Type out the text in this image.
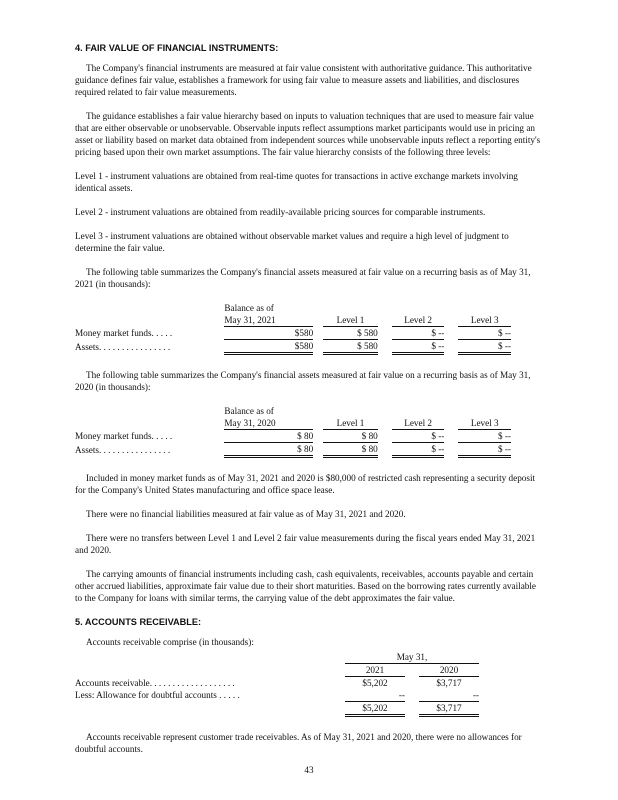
4. FAIR VALUE OF FINANCIAL INSTRUMENTS:

The Company's financial instruments are measured at fair value consistent with authoritative guidance. This authoritative guidance defines fair value, establishes a framework for using fair value to measure assets and liabilities, and disclosures required related to fair value measurements.

The guidance establishes a fair value hierarchy based on inputs to valuation techniques that are used to measure fair value that are either observable or unobservable. Observable inputs reflect assumptions market participants would use in pricing an asset or liability based on market data obtained from independent sources while unobservable inputs reflect a reporting entity's pricing based upon their own market assumptions. The fair value hierarchy consists of the following three levels:

Level 1 - instrument valuations are obtained from real-time quotes for transactions in active exchange markets involving identical assets.

Level 2 - instrument valuations are obtained from readily-available pricing sources for comparable instruments.

Level 3 - instrument valuations are obtained without observable market values and require a high level of judgment to determine the fair value.

The following table summarizes the Company's financial assets measured at fair value on a recurring basis as of May 31, 2021 (in thousands):

	Balance as of						
	May 31, 2021		Level 1		Level 2		Level 3
Money market funds. . . . .	$580		$ 580		$ --		$ --
Assets. . . . . . . . . . . . . . . .	$580		$ 580		$ --		$ --

The following table summarizes the Company's financial assets measured at fair value on a recurring basis as of May 31, 2020 (in thousands):

	Balance as of						
	May 31, 2020		Level 1		Level 2		Level 3
Money market funds. . . . .	$ 80		$ 80		$ --		$ --
Assets. . . . . . . . . . . . . . . .	$ 80		$ 80		$ --		$ --

Included in money market funds as of May 31, 2021 and 2020 is $80,000 of restricted cash representing a security deposit for the Company's United States manufacturing and office space lease.

There were no financial liabilities measured at fair value as of May 31, 2021 and 2020.

There were no transfers between Level 1 and Level 2 fair value measurements during the fiscal years ended May 31, 2021 and 2020.

The carrying amounts of financial instruments including cash, cash equivalents, receivables, accounts payable and certain other accrued liabilities, approximate fair value due to their short maturities. Based on the borrowing rates currently available to the Company for loans with similar terms, the carrying value of the debt approximates the fair value.

5. ACCOUNTS RECEIVABLE:
Accounts receivable comprise (in thousands):
	May 31,		
	2021		2020
Accounts receivable. . . . . . . . . . . . . . . . . . .	$5,202		$3,717
Less: Allowance for doubtful accounts . . . . .	--		--
	$5,202		$3,717

Accounts receivable represent customer trade receivables. As of May 31, 2021 and 2020, there were no allowances for doubtful accounts.

43
